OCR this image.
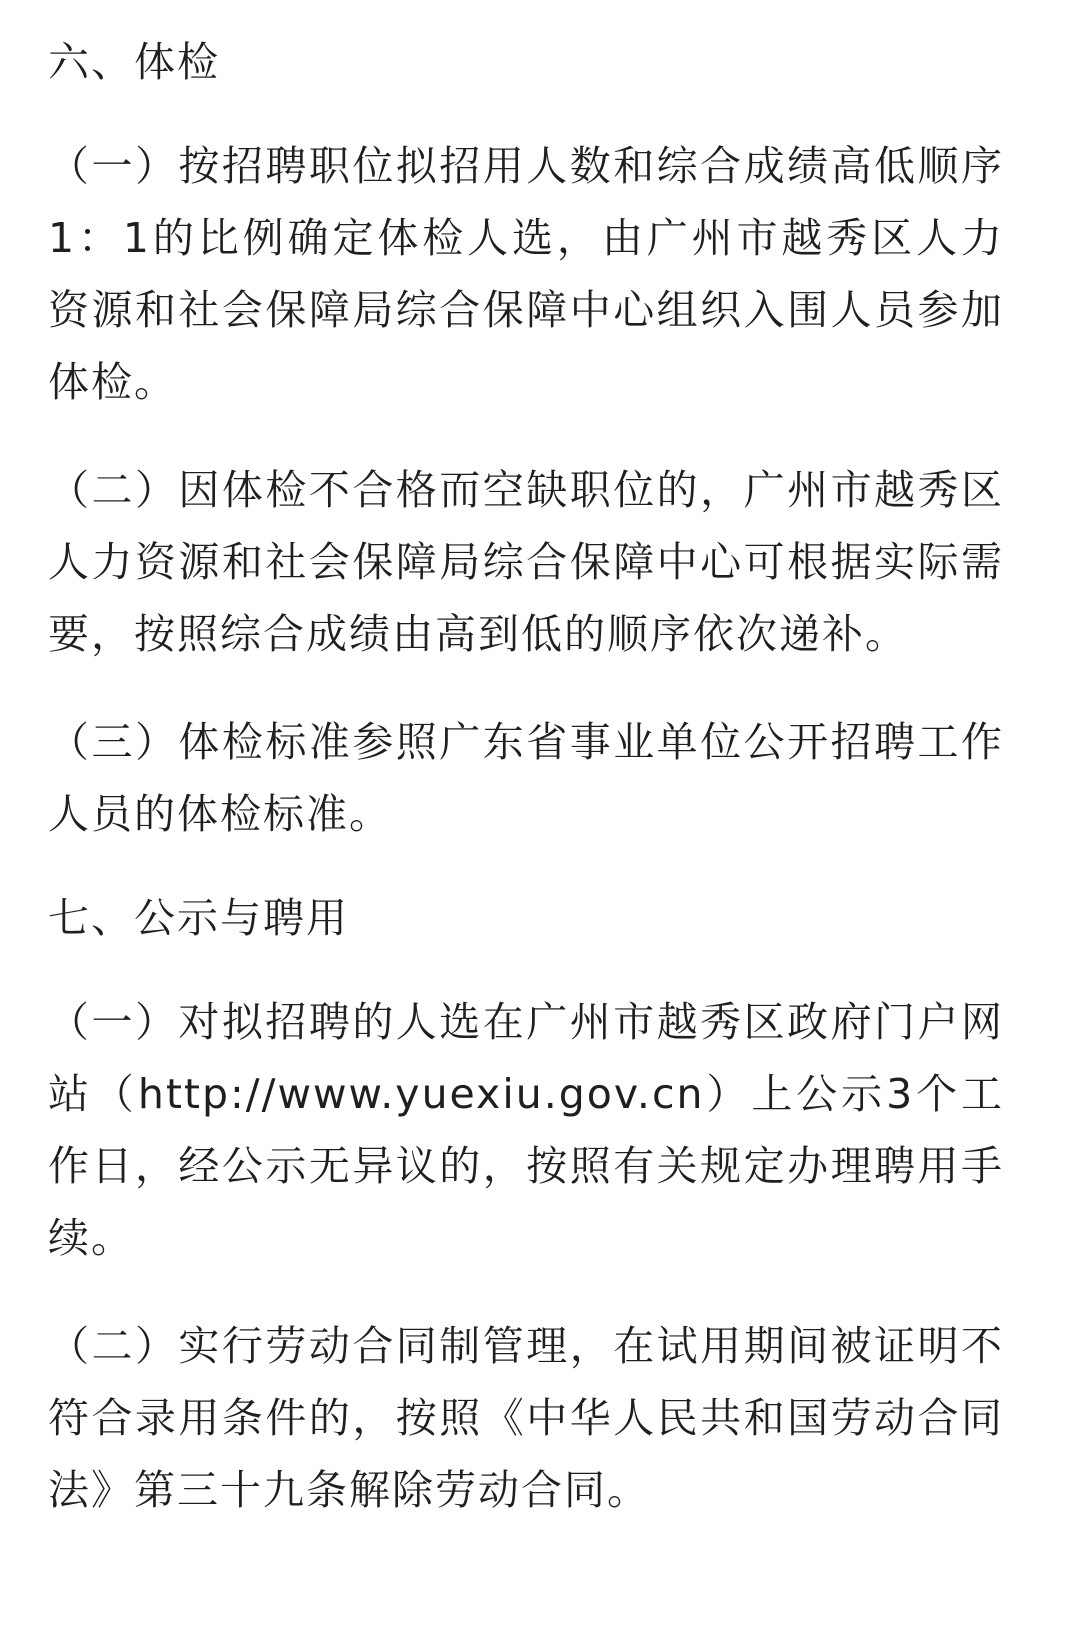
六、体检

（一）按招聘职位拟招用人数和综合成绩高低顺序1：1的比例确定体检人选，由广州市越秀区人力资源和社会保障局综合保障中心组织入围人员参加体检。

（二）因体检不合格而空缺职位的，广州市越秀区人力资源和社会保障局综合保障中心可根据实际需要，按照综合成绩由高到低的顺序依次递补。

（三）体检标准参照广东省事业单位公开招聘工作人员的体检标准。

七、公示与聘用

（一）对拟招聘的人选在广州市越秀区政府门户网站（http://www.yuexiu.gov.cn）上公示3个工作日，经公示无异议的，按照有关规定办理聘用手续。

（二）实行劳动合同制管理，在试用期间被证明不符合录用条件的，按照《中华人民共和国劳动合同法》第三十九条解除劳动合同。
